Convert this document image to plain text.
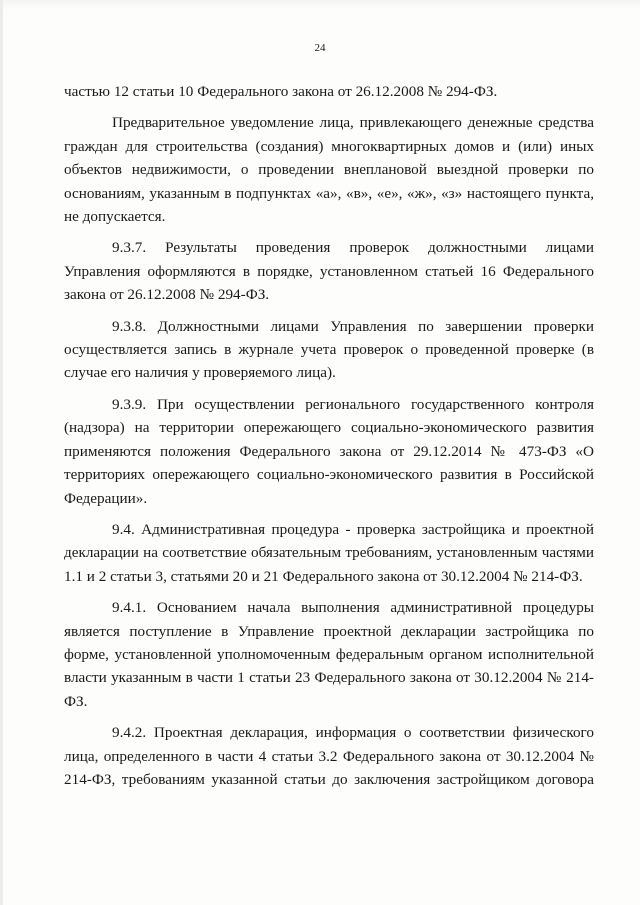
24

частью 12 статьи 10 Федерального закона от 26.12.2008 № 294-ФЗ.

Предварительное уведомление лица, привлекающего денежные средства граждан для строительства (создания) многоквартирных домов и (или) иных объектов недвижимости, о проведении внеплановой выездной проверки по основаниям, указанным в подпунктах «а», «в», «е», «ж», «з» настоящего пункта, не допускается.

9.3.7. Результаты проведения проверок должностными лицами Управления оформляются в порядке, установленном статьей 16 Федерального закона от 26.12.2008 № 294-ФЗ.

9.3.8. Должностными лицами Управления по завершении проверки осуществляется запись в журнале учета проверок о проведенной проверке (в случае его наличия у проверяемого лица).

9.3.9. При осуществлении регионального государственного контроля (надзора) на территории опережающего социально-экономического развития применяются положения Федерального закона от 29.12.2014 № 473-ФЗ «О территориях опережающего социально-экономического развития в Российской Федерации».

9.4. Административная процедура - проверка застройщика и проектной декларации на соответствие обязательным требованиям, установленным частями 1.1 и 2 статьи 3, статьями 20 и 21 Федерального закона от 30.12.2004 № 214-ФЗ.

9.4.1. Основанием начала выполнения административной процедуры является поступление в Управление проектной декларации застройщика по форме, установленной уполномоченным федеральным органом исполнительной власти указанным в части 1 статьи 23 Федерального закона от 30.12.2004 № 214-ФЗ.

9.4.2. Проектная декларация, информация о соответствии физического лица, определенного в части 4 статьи 3.2 Федерального закона от 30.12.2004 № 214-ФЗ, требованиям указанной статьи до заключения застройщиком договора
